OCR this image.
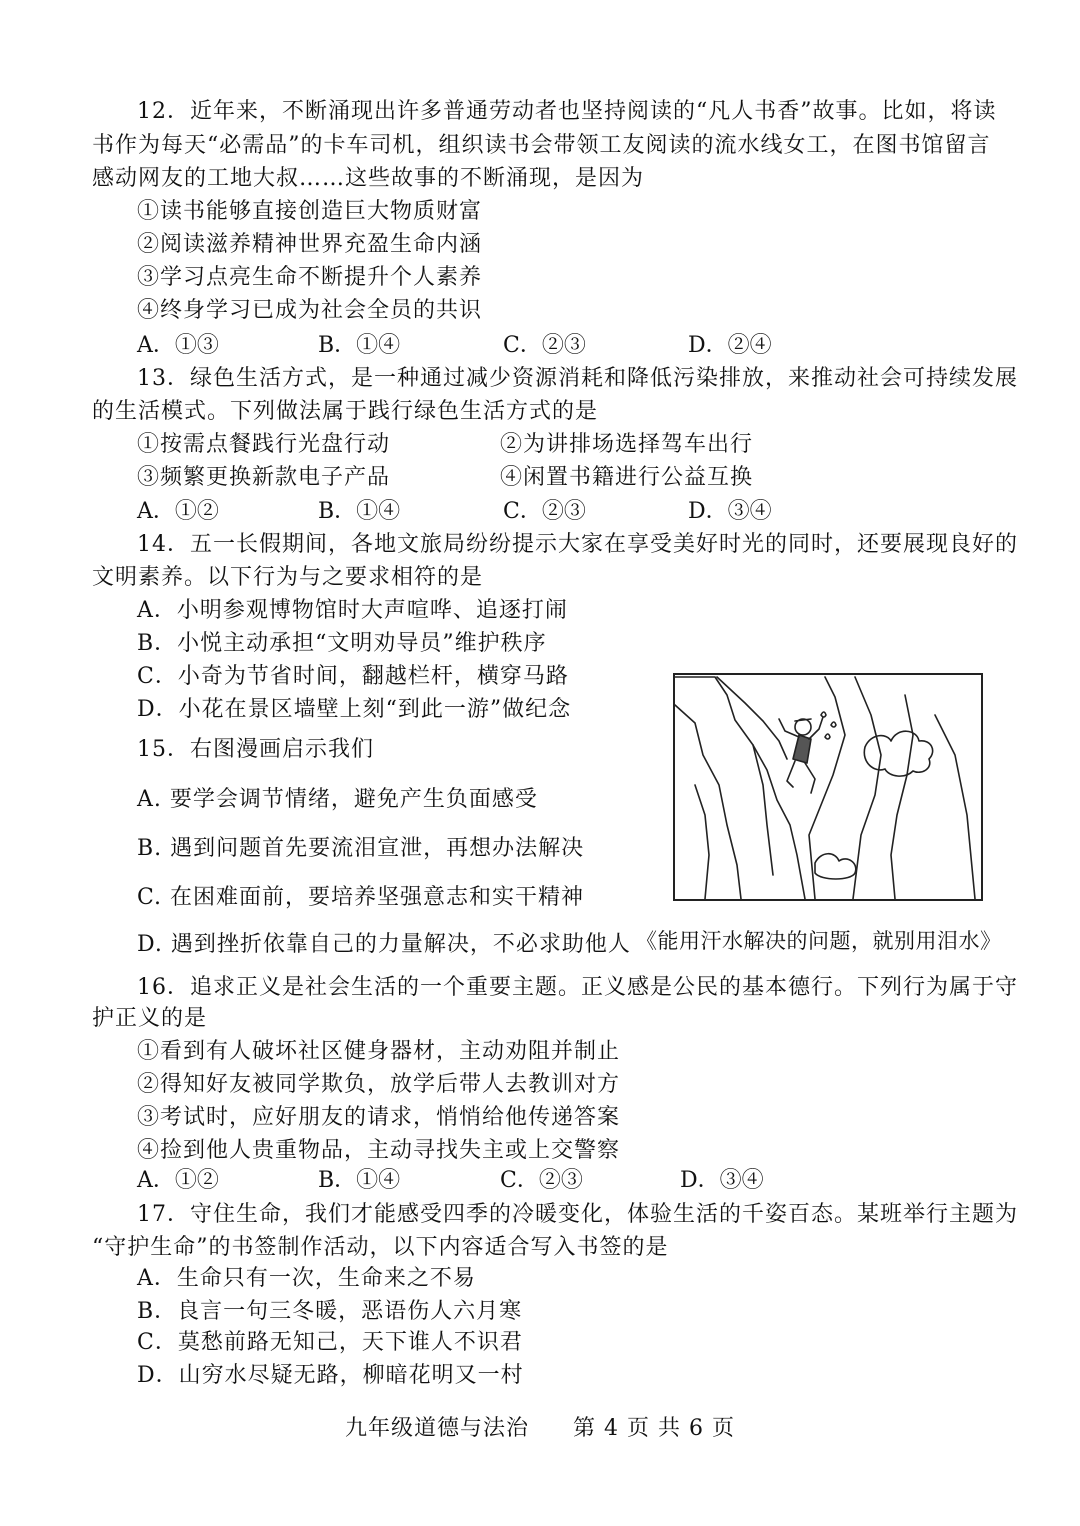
12．近年来，不断涌现出许多普通劳动者也坚持阅读的“凡人书香”故事。比如，将读
书作为每天“必需品”的卡车司机，组织读书会带领工友阅读的流水线女工，在图书馆留言
感动网友的工地大叔……这些故事的不断涌现，是因为
①读书能够直接创造巨大物质财富
②阅读滋养精神世界充盈生命内涵
③学习点亮生命不断提升个人素养
④终身学习已成为社会全员的共识
A．①③	B．①④	C．②③	D．②④
13．绿色生活方式，是一种通过减少资源消耗和降低污染排放，来推动社会可持续发展
的生活模式。下列做法属于践行绿色生活方式的是
①按需点餐践行光盘行动	②为讲排场选择驾车出行
③频繁更换新款电子产品	④闲置书籍进行公益互换
A．①②	B．①④	C．②③	D．③④
14．五一长假期间，各地文旅局纷纷提示大家在享受美好时光的同时，还要展现良好的
文明素养。以下行为与之要求相符的是
A．小明参观博物馆时大声喧哗、追逐打闹
B．小悦主动承担“文明劝导员”维护秩序
C．小奇为节省时间，翻越栏杆，横穿马路
D．小花在景区墙壁上刻“到此一游”做纪念
15．右图漫画启示我们
A. 要学会调节情绪，避免产生负面感受
B. 遇到问题首先要流泪宣泄，再想办法解决
C. 在困难面前，要培养坚强意志和实干精神
D. 遇到挫折依靠自己的力量解决，不必求助他人 《能用汗水解决的问题，就别用泪水》
16．追求正义是社会生活的一个重要主题。正义感是公民的基本德行。下列行为属于守
护正义的是
①看到有人破坏社区健身器材，主动劝阻并制止
②得知好友被同学欺负，放学后带人去教训对方
③考试时，应好朋友的请求，悄悄给他传递答案
④捡到他人贵重物品，主动寻找失主或上交警察
A．①②	B．①④	C．②③	D．③④
17．守住生命，我们才能感受四季的冷暖变化，体验生活的千姿百态。某班举行主题为
“守护生命”的书签制作活动，以下内容适合写入书签的是
A．生命只有一次，生命来之不易
B．良言一句三冬暖，恶语伤人六月寒
C．莫愁前路无知己，天下谁人不识君
D．山穷水尽疑无路，柳暗花明又一村
九年级道德与法治 第 4 页 共 6 页
